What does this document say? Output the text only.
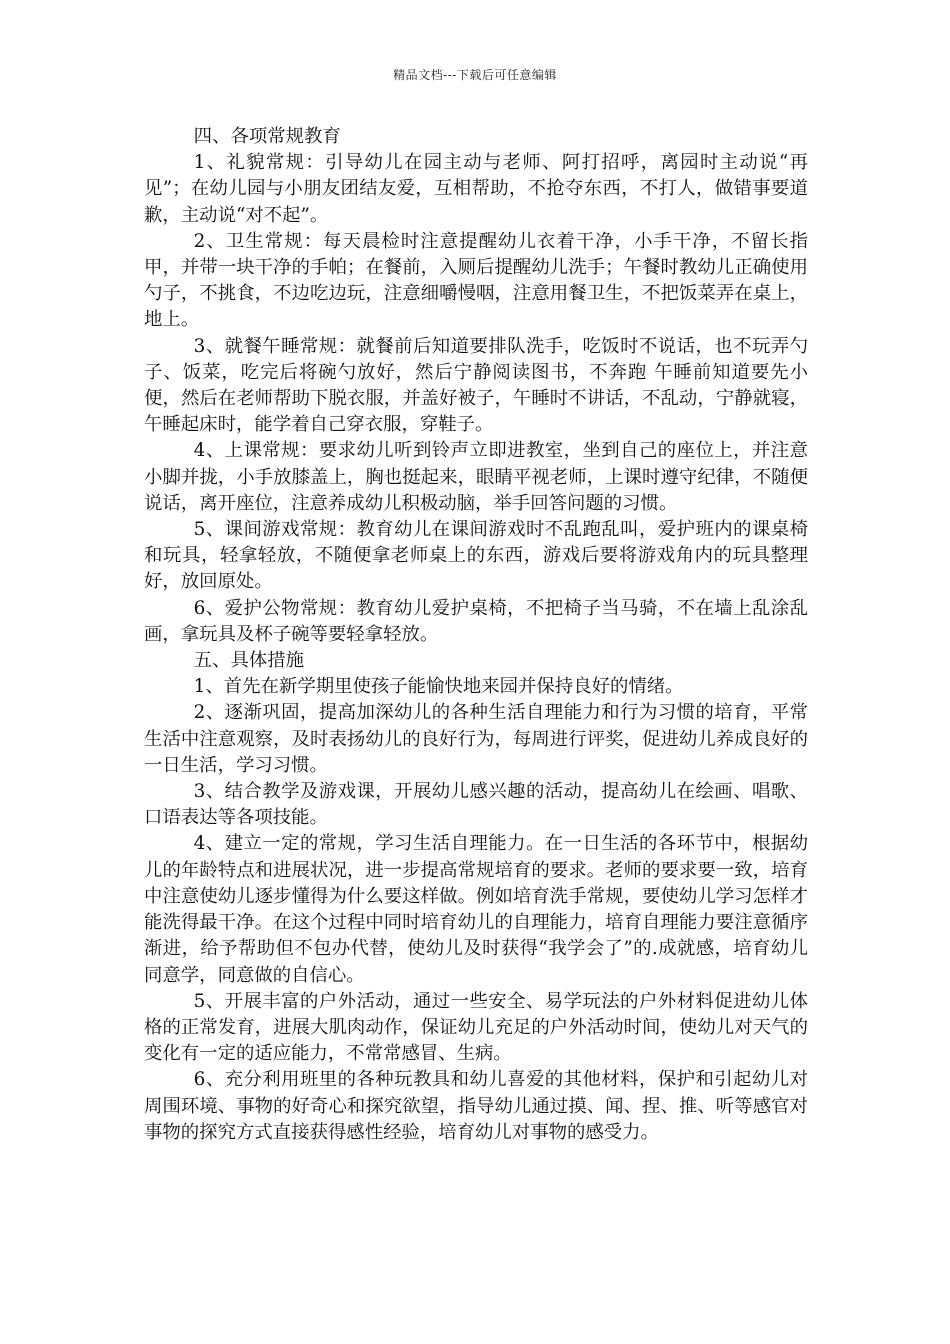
精品文档---下载后可任意编辑

四、各项常规教育

1、礼貌常规：引导幼儿在园主动与老师、阿打招呼，离园时主动说“再见”；在幼儿园与小朋友团结友爱，互相帮助，不抢夺东西，不打人，做错事要道歉，主动说“对不起”。

2、卫生常规：每天晨检时注意提醒幼儿衣着干净，小手干净，不留长指甲，并带一块干净的手帕；在餐前，入厕后提醒幼儿洗手；午餐时教幼儿正确使用勺子，不挑食，不边吃边玩，注意细嚼慢咽，注意用餐卫生，不把饭菜弄在桌上，地上。

3、就餐午睡常规：就餐前后知道要排队洗手，吃饭时不说话，也不玩弄勺子、饭菜，吃完后将碗勺放好，然后宁静阅读图书，不奔跑 午睡前知道要先小便，然后在老师帮助下脱衣服，并盖好被子，午睡时不讲话，不乱动，宁静就寝，午睡起床时，能学着自己穿衣服，穿鞋子。

4、上课常规：要求幼儿听到铃声立即进教室，坐到自己的座位上，并注意小脚并拢，小手放膝盖上，胸也挺起来，眼睛平视老师，上课时遵守纪律，不随便说话，离开座位，注意养成幼儿积极动脑，举手回答问题的习惯。

5、课间游戏常规：教育幼儿在课间游戏时不乱跑乱叫，爱护班内的课桌椅和玩具，轻拿轻放，不随便拿老师桌上的东西，游戏后要将游戏角内的玩具整理好，放回原处。

6、爱护公物常规：教育幼儿爱护桌椅，不把椅子当马骑，不在墙上乱涂乱画，拿玩具及杯子碗等要轻拿轻放。

五、具体措施

1、首先在新学期里使孩子能愉快地来园并保持良好的情绪。

2、逐渐巩固，提高加深幼儿的各种生活自理能力和行为习惯的培育，平常生活中注意观察，及时表扬幼儿的良好行为，每周进行评奖，促进幼儿养成良好的一日生活，学习习惯。

3、结合教学及游戏课，开展幼儿感兴趣的活动，提高幼儿在绘画、唱歌、口语表达等各项技能。

4、建立一定的常规，学习生活自理能力。在一日生活的各环节中，根据幼儿的年龄特点和进展状况，进一步提高常规培育的要求。老师的要求要一致，培育中注意使幼儿逐步懂得为什么要这样做。例如培育洗手常规，要使幼儿学习怎样才能洗得最干净。在这个过程中同时培育幼儿的自理能力，培育自理能力要注意循序渐进，给予帮助但不包办代替，使幼儿及时获得“我学会了”的.成就感，培育幼儿同意学，同意做的自信心。

5、开展丰富的户外活动，通过一些安全、易学玩法的户外材料促进幼儿体格的正常发育，进展大肌肉动作，保证幼儿充足的户外活动时间，使幼儿对天气的变化有一定的适应能力，不常常感冒、生病。

6、充分利用班里的各种玩教具和幼儿喜爱的其他材料，保护和引起幼儿对周围环境、事物的好奇心和探究欲望，指导幼儿通过摸、闻、捏、推、听等感官对事物的探究方式直接获得感性经验，培育幼儿对事物的感受力。
